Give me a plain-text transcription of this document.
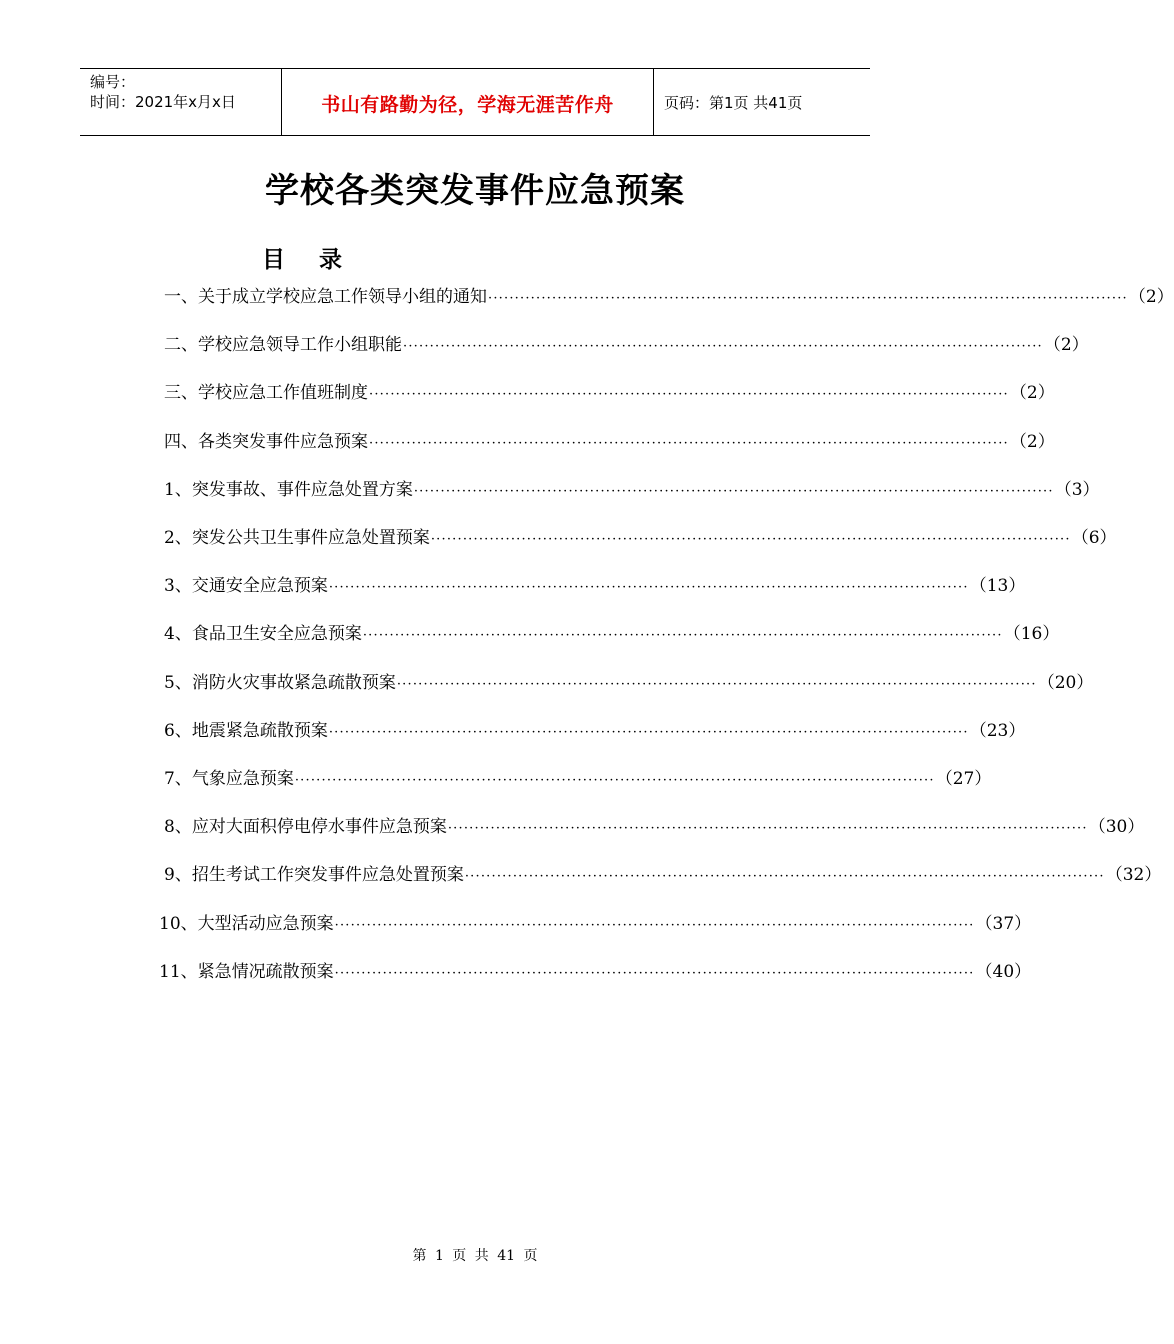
编号：
时间：2021年x月x日	书山有路勤为径，学海无涯苦作舟	页码：第1页 共41页
学校各类突发事件应急预案
目录
一、关于成立学校应急工作领导小组的通知 ························································································································ （2）
二、学校应急领导工作小组职能 ························································································································ （2）
三、学校应急工作值班制度 ························································································································ （2）
四、各类突发事件应急预案 ························································································································ （2）
1、突发事故、事件应急处置方案 ························································································································ （3）
2、突发公共卫生事件应急处置预案 ························································································································ （6）
3、交通安全应急预案 ························································································································ （13）
4、食品卫生安全应急预案 ························································································································ （16）
5、消防火灾事故紧急疏散预案 ························································································································ （20）
6、地震紧急疏散预案 ························································································································ （23）
7、气象应急预案 ························································································································ （27）
8、应对大面积停电停水事件应急预案 ························································································································ （30）
9、招生考试工作突发事件应急处置预案 ························································································································ （32）
10、大型活动应急预案 ························································································································ （37）
11、紧急情况疏散预案 ························································································································ （40）
第 1 页 共 41 页
